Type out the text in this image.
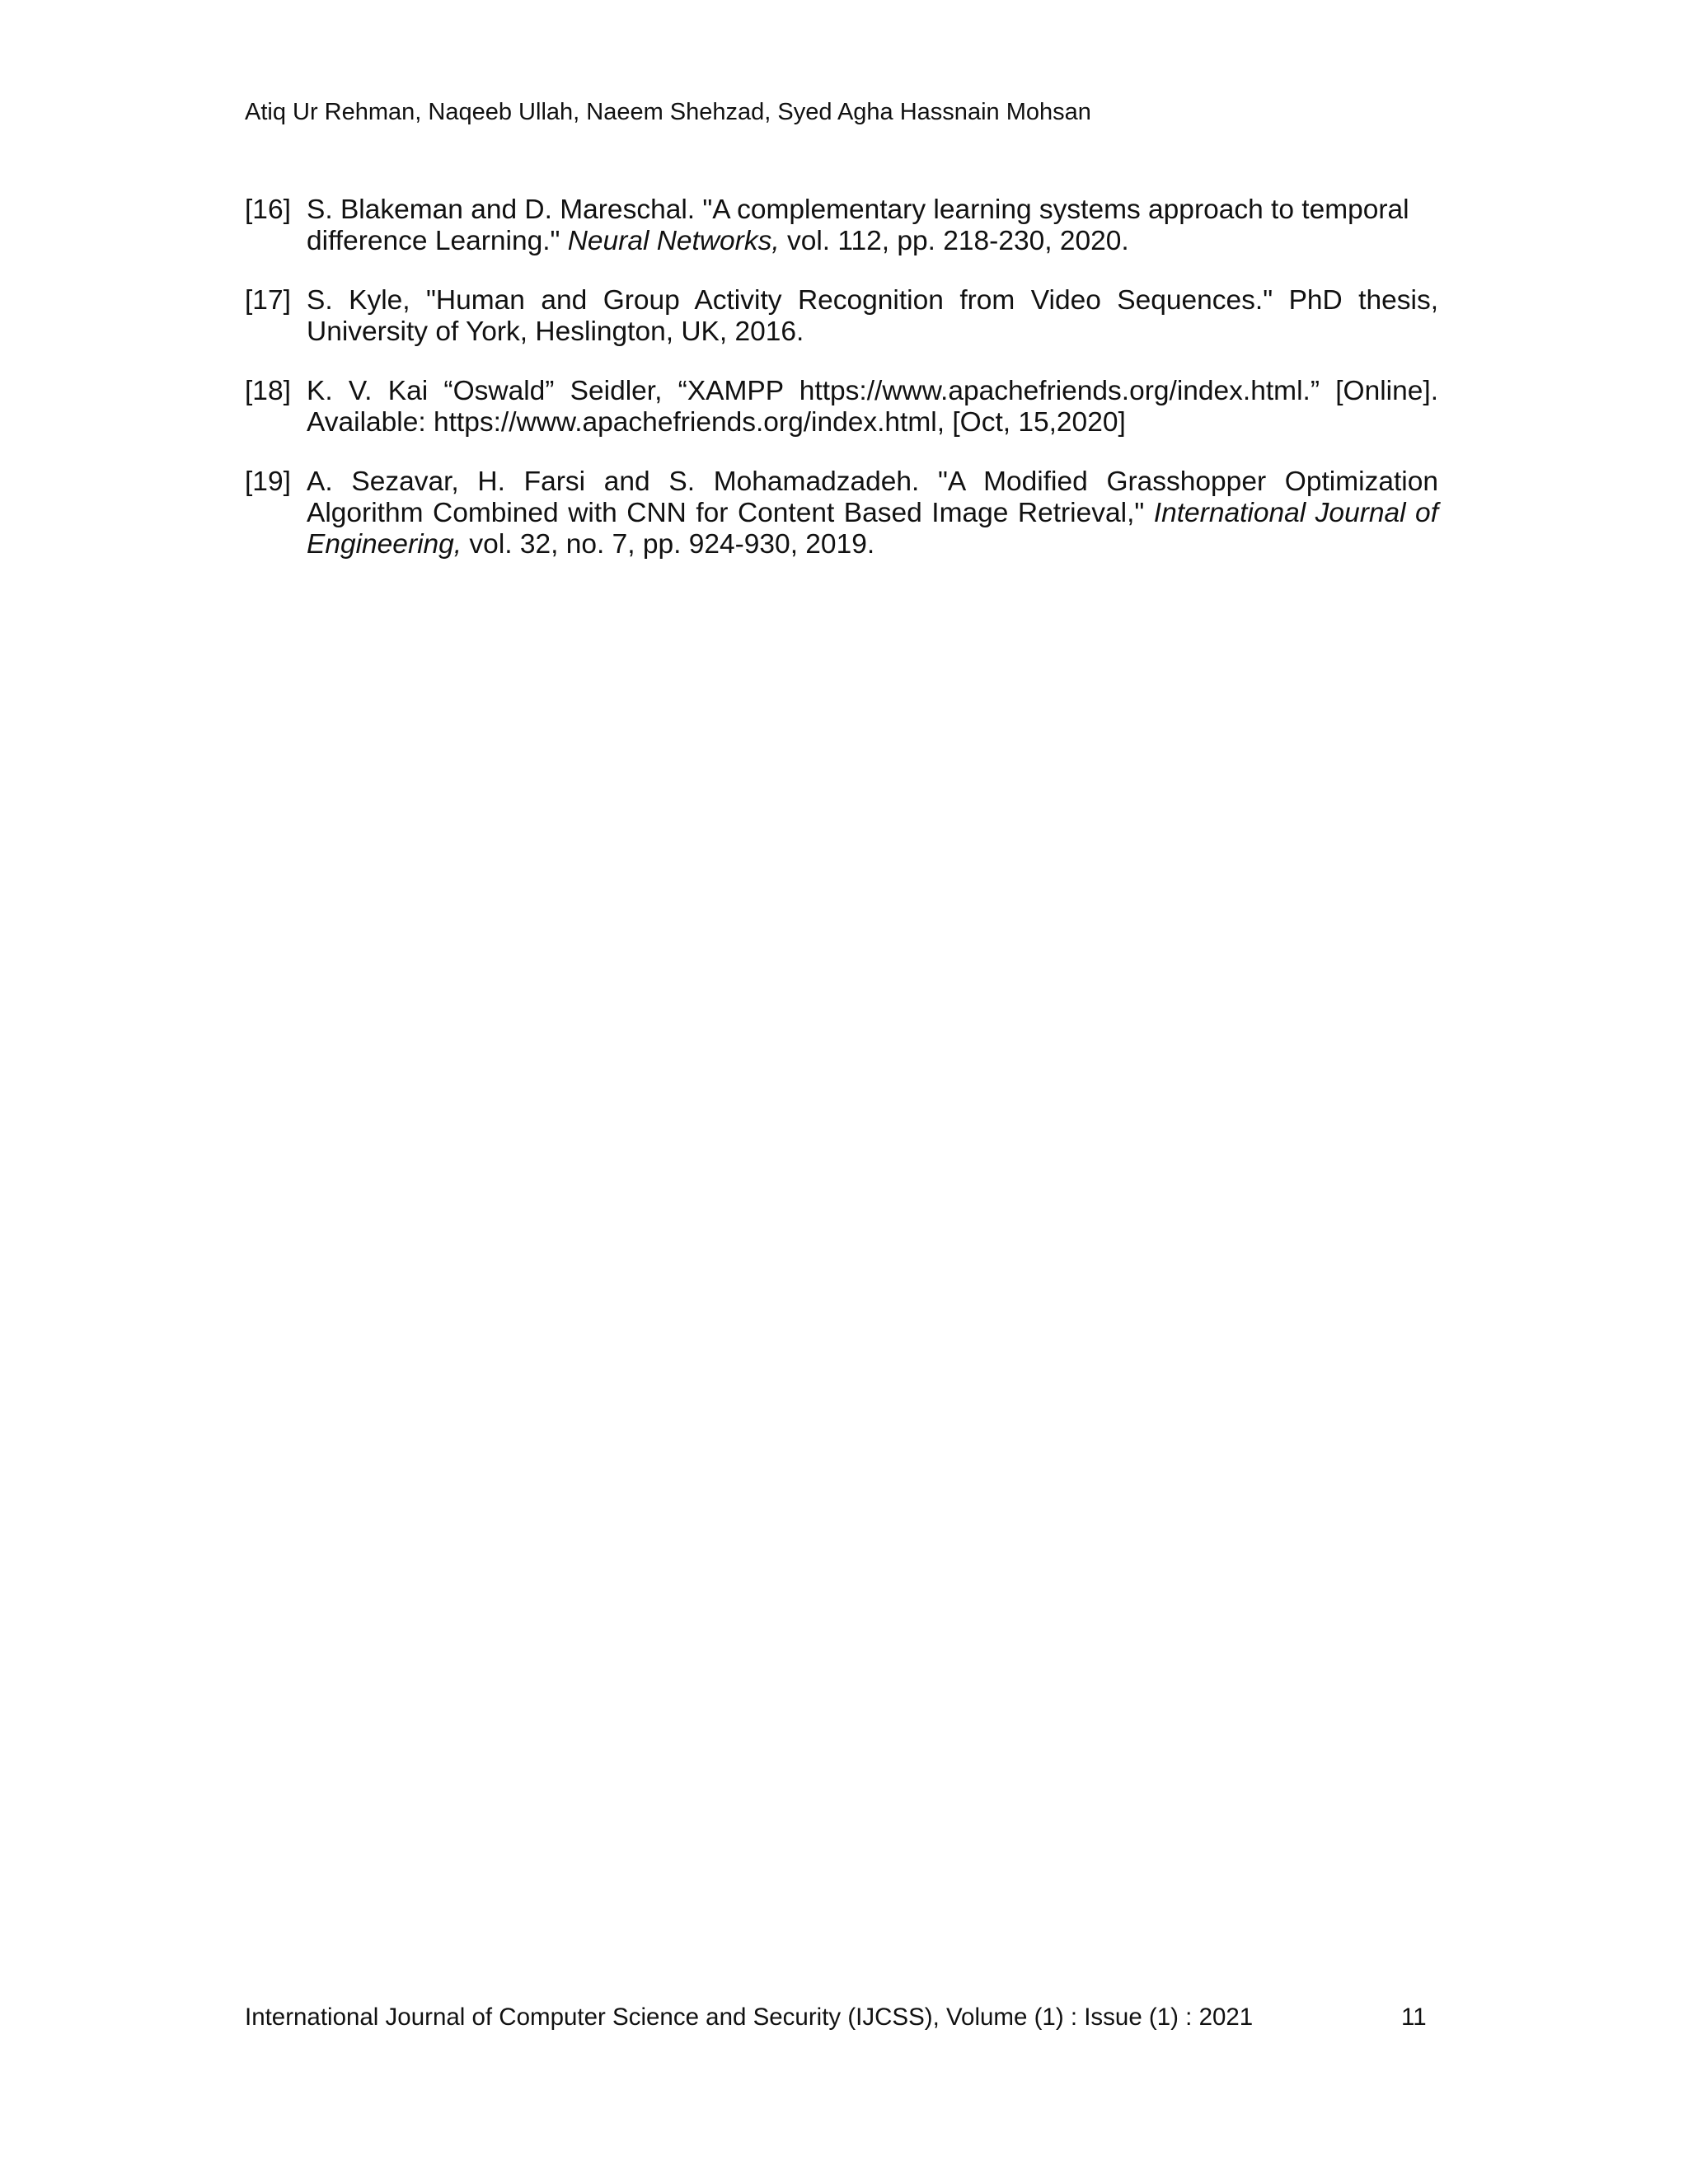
Atiq Ur Rehman, Naqeeb Ullah, Naeem Shehzad, Syed Agha Hassnain Mohsan
[16] S. Blakeman and D. Mareschal. "A complementary learning systems approach to temporal difference Learning." Neural Networks, vol. 112, pp. 218-230, 2020.
[17] S. Kyle, "Human and Group Activity Recognition from Video Sequences." PhD thesis, University of York, Heslington, UK, 2016.
[18] K. V. Kai “Oswald” Seidler, “XAMPP https://www.apachefriends.org/index.html.” [Online]. Available: https://www.apachefriends.org/index.html, [Oct, 15,2020]
[19] A. Sezavar, H. Farsi and S. Mohamadzadeh. "A Modified Grasshopper Optimization Algorithm Combined with CNN for Content Based Image Retrieval," International Journal of Engineering, vol. 32, no. 7, pp. 924-930, 2019.
International Journal of Computer Science and Security (IJCSS), Volume (1) : Issue (1) : 2021	11
